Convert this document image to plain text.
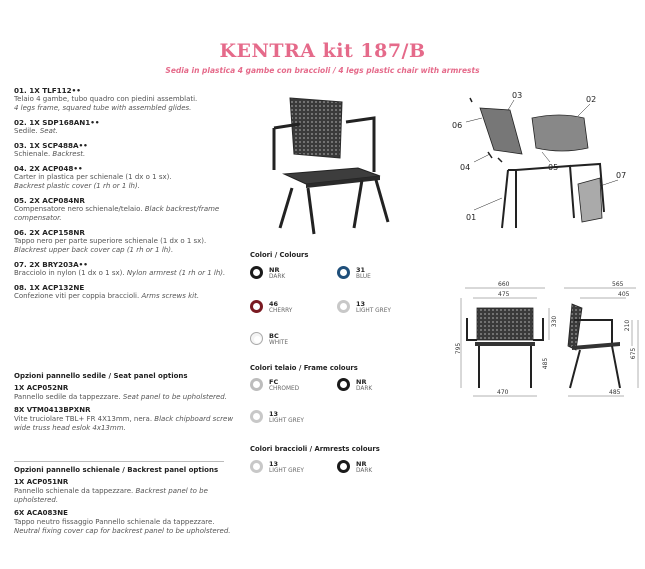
KENTRA kit 187/B
Sedia in plastica 4 gambe con braccioli / 4 legs plastic chair with armrests
01. 1X TLF112••
Telaio 4 gambe, tubo quadro con piedini assemblati.
4 legs frame, squared tube with assembled glides.
02. 1X SDP168AN1••
Sedile. Seat.
03. 1X SCP488A••
Schienale. Backrest.
04. 2X ACP048••
Carter in plastica per schienale (1 dx o 1 sx).
Backrest plastic cover (1 rh or 1 lh).
05. 2X ACP084NR
Compensatore nero schienale/telaio. Black backrest/frame compensator.
06. 2X ACP158NR
Tappo nero per parte superiore schienale (1 dx o 1 sx). Blackrest upper back cover cap (1 rh or 1 lh).
07. 2X BRY203A••
Bracciolo in nylon (1 dx o 1 sx). Nylon armrest (1 rh or 1 lh).
08. 1X ACP132NE
Confezione viti per coppia braccioli. Arms screws kit.
Opzioni pannello sedile / Seat panel options
1X ACP052NR
Pannello sedile da tappezzare. Seat panel to be upholstered.
8X VTM0413BPXNR
Vite truciolare TBL+ FR 4X13mm, nera. Black chipboard screw wide truss head eslok 4x13mm.
Opzioni pannello schienale / Backrest panel options
1X ACP051NR
Pannello schienale da tappezzare. Backrest panel to be upholstered.
6X ACA083NE
Tappo neutro fissaggio Pannello schienale da tappezzare. Neutral fixing cover cap for backrest panel to be upholstered.
03	02
06
04	05
07
01
Colori / Colours
NR
DARK
31
BLUE
46
CHERRY
13
LIGHT GREY
BC
WHITE
Colori telaio / Frame colours
FC
CHROMED
NR
DARK
13
LIGHT GREY
Colori braccioli / Armrests colours
13
LIGHT GREY
NR
DARK
660
475
470
795
485
330
565
405
485
210
675
